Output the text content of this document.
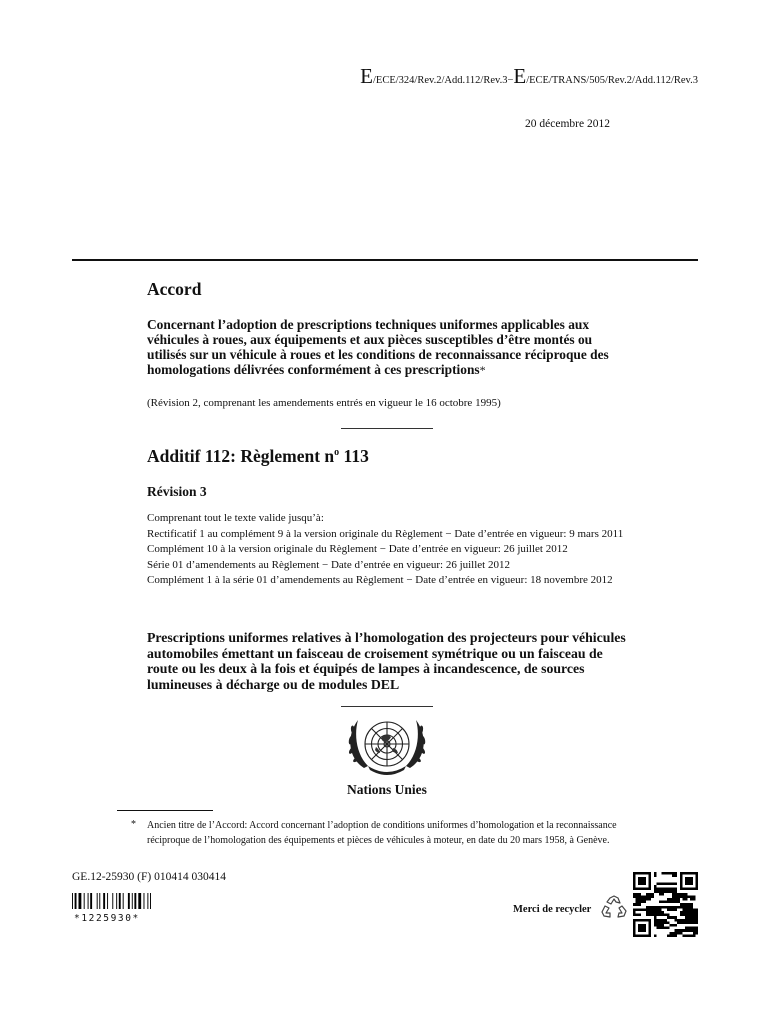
E/ECE/324/Rev.2/Add.112/Rev.3−E/ECE/TRANS/505/Rev.2/Add.112/Rev.3
20 décembre 2012
Accord
Concernant l’adoption de prescriptions techniques uniformes applicables aux véhicules à roues, aux équipements et aux pièces susceptibles d’être montés ou utilisés sur un véhicule à roues et les conditions de reconnaissance réciproque des homologations délivrées conformément à ces prescriptions*
(Révision 2, comprenant les amendements entrés en vigueur le 16 octobre 1995)
Additif 112: Règlement $n^o$ 113
Révision 3

Comprenant tout le texte valide jusqu’à:

Rectificatif 1 au complément 9 à la version originale du Règlement − Date d’entrée en vigueur: 9 mars 2011

Complément 10 à la version originale du Règlement − Date d’entrée en vigueur: 26 juillet 2012

Série 01 d’amendements au Règlement − Date d’entrée en vigueur: 26 juillet 2012

Complément 1 à la série 01 d’amendements au Règlement − Date d’entrée en vigueur: 18 novembre 2012

Prescriptions uniformes relatives à l’homologation des projecteurs pour véhicules automobiles émettant un faisceau de croisement symétrique ou un faisceau de route ou les deux à la fois et équipés de lampes à incandescence, de sources lumineuses à décharge ou de modules DEL
Nations Unies
* Ancien titre de l’Accord: Accord concernant l’adoption de conditions uniformes d’homologation et la reconnaissance réciproque de l’homologation des équipements et pièces de véhicules à moteur, en date du 20 mars 1958, à Genève.
GE.12-25930 (F) 010414 030414
*1225930*
Merci de recycler
